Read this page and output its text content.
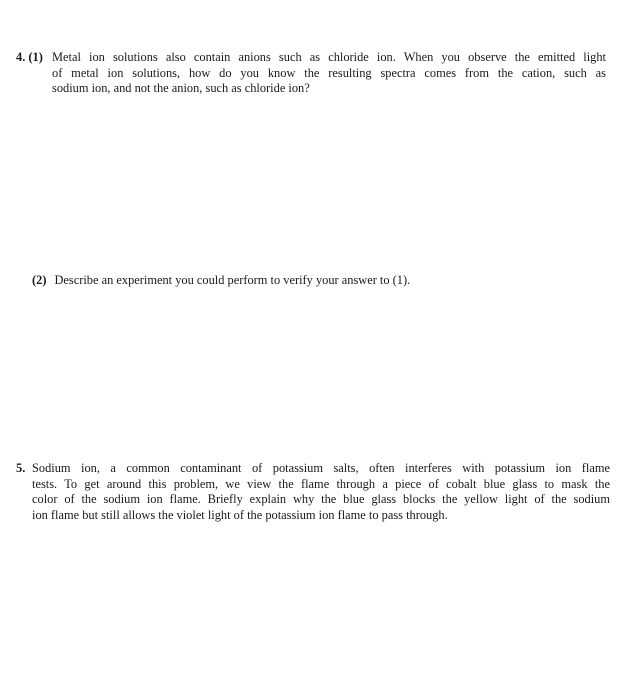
4. (1) Metal ion solutions also contain anions such as chloride ion. When you observe the emitted light
of metal ion solutions, how do you know the resulting spectra comes from the cation, such as
sodium ion, and not the anion, such as chloride ion?
(2) Describe an experiment you could perform to verify your answer to (1).
5. Sodium ion, a common contaminant of potassium salts, often interferes with potassium ion flame
tests. To get around this problem, we view the flame through a piece of cobalt blue glass to mask the
color of the sodium ion flame. Briefly explain why the blue glass blocks the yellow light of the sodium
ion flame but still allows the violet light of the potassium ion flame to pass through.
